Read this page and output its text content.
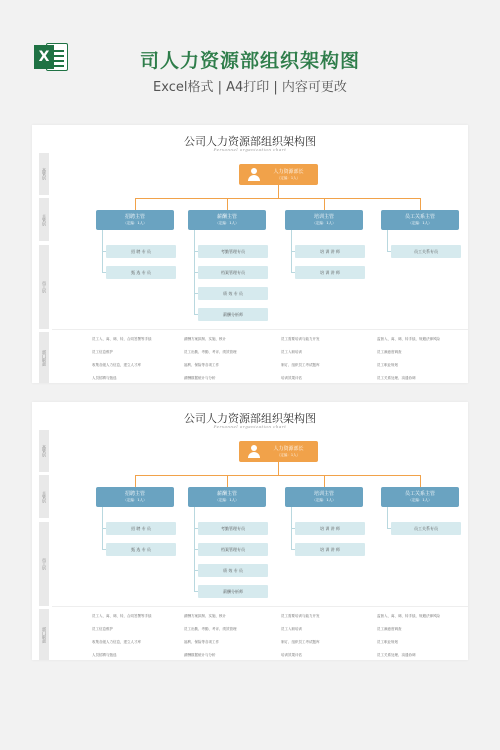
X	司人力资源部组织架构图
Excel格式 | A4打印 | 内容可更改
公司人力资源部组织架构图
Personnel organization chart
高管层
主管层
员工层
部门职责
人力资源部长
（定编：1人）
招聘主管
（定编：1人）
招 聘 专 员
甄 选 专 员
员工入、离、调、转，合同签署等手续
员工信息维护
收集各级人力信息，建立人才库
人员招聘与甄选
薪酬主管
（定编：1人）
考勤管理专员
档案管理专员
绩 效 专 员
薪酬分析师
薪酬方案拟制、实施、核计
员工出勤、考勤、考评、绩效管理
福利、保险等各项工作
薪酬数据统计与分析
培训主管
（定编：1人）
培 训 讲 师
培 训 讲 师
员工需要培训与能力开发
员工入职培训
制订、组织员工考试题库
培训效果评估
员工关系主管
（定编：1人）
员工关系专员
监督入、离、调、转手续，规避法律风险
员工满意度调查
员工职业规划
员工关系处理、沟通协调
公司人力资源部组织架构图
Personnel organization chart
高管层
主管层
员工层
部门职责
人力资源部长
（定编：1人）
招聘主管
（定编：1人）
招 聘 专 员
甄 选 专 员
员工入、离、调、转，合同签署等手续
员工信息维护
收集各级人力信息，建立人才库
人员招聘与甄选
薪酬主管
（定编：1人）
考勤管理专员
档案管理专员
绩 效 专 员
薪酬分析师
薪酬方案拟制、实施、核计
员工出勤、考勤、考评、绩效管理
福利、保险等各项工作
薪酬数据统计与分析
培训主管
（定编：1人）
培 训 讲 师
培 训 讲 师
员工需要培训与能力开发
员工入职培训
制订、组织员工考试题库
培训效果评估
员工关系主管
（定编：1人）
员工关系专员
监督入、离、调、转手续，规避法律风险
员工满意度调查
员工职业规划
员工关系处理、沟通协调
